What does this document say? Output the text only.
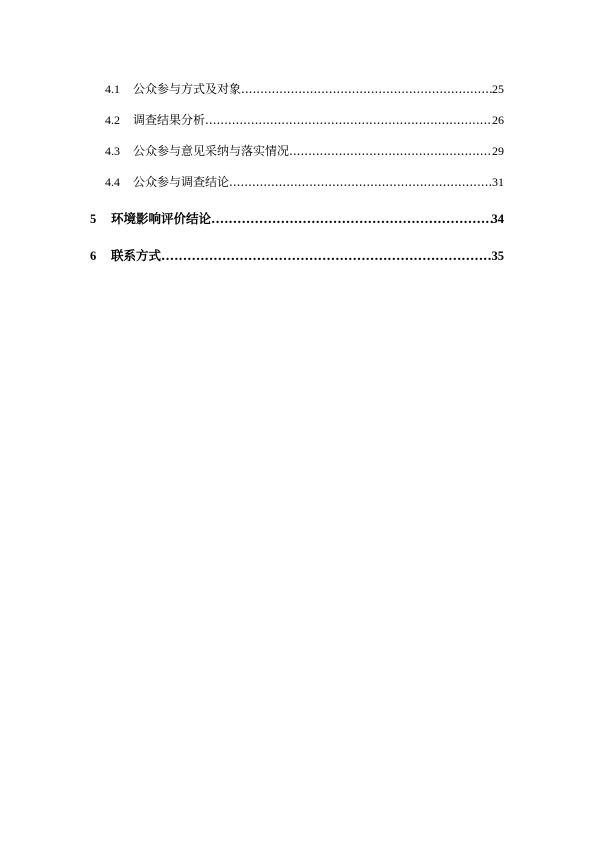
4.1	公众参与方式及对象 .....	25
4.2	调查结果分析 .....	26
4.3	公众参与意见采纳与落实情况 .....	29
4.4	公众参与调查结论 .....	31
5	环境影响评价结论 .....	34
6	联系方式 .....	35
